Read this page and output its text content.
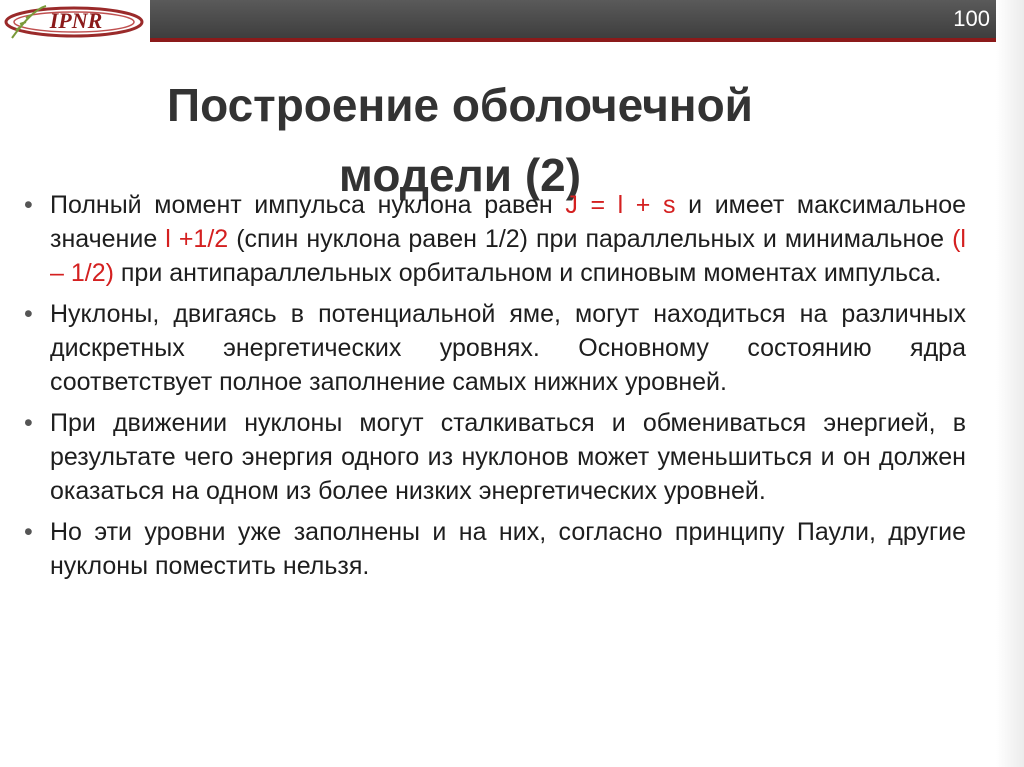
IPNR	100
Построение оболочечной
модели (2)
• Полный момент импульса нуклона равен J = l + s и имеет максимальное значение l +1/2 (спин нуклона равен 1/2) при параллельных и минимальное (l – 1/2) при антипараллельных орбитальном и спиновым моментах импульса.
• Нуклоны, двигаясь в потенциальной яме, могут находиться на различных дискретных энергетических уровнях. Основному состоянию ядра соответствует полное заполнение самых нижних уровней.
• При движении нуклоны могут сталкиваться и обмениваться энергией, в результате чего энергия одного из нуклонов может уменьшиться и он должен оказаться на одном из более низких энергетических уровней.
• Но эти уровни уже заполнены и на них, согласно принципу Паули, другие нуклоны поместить нельзя.
